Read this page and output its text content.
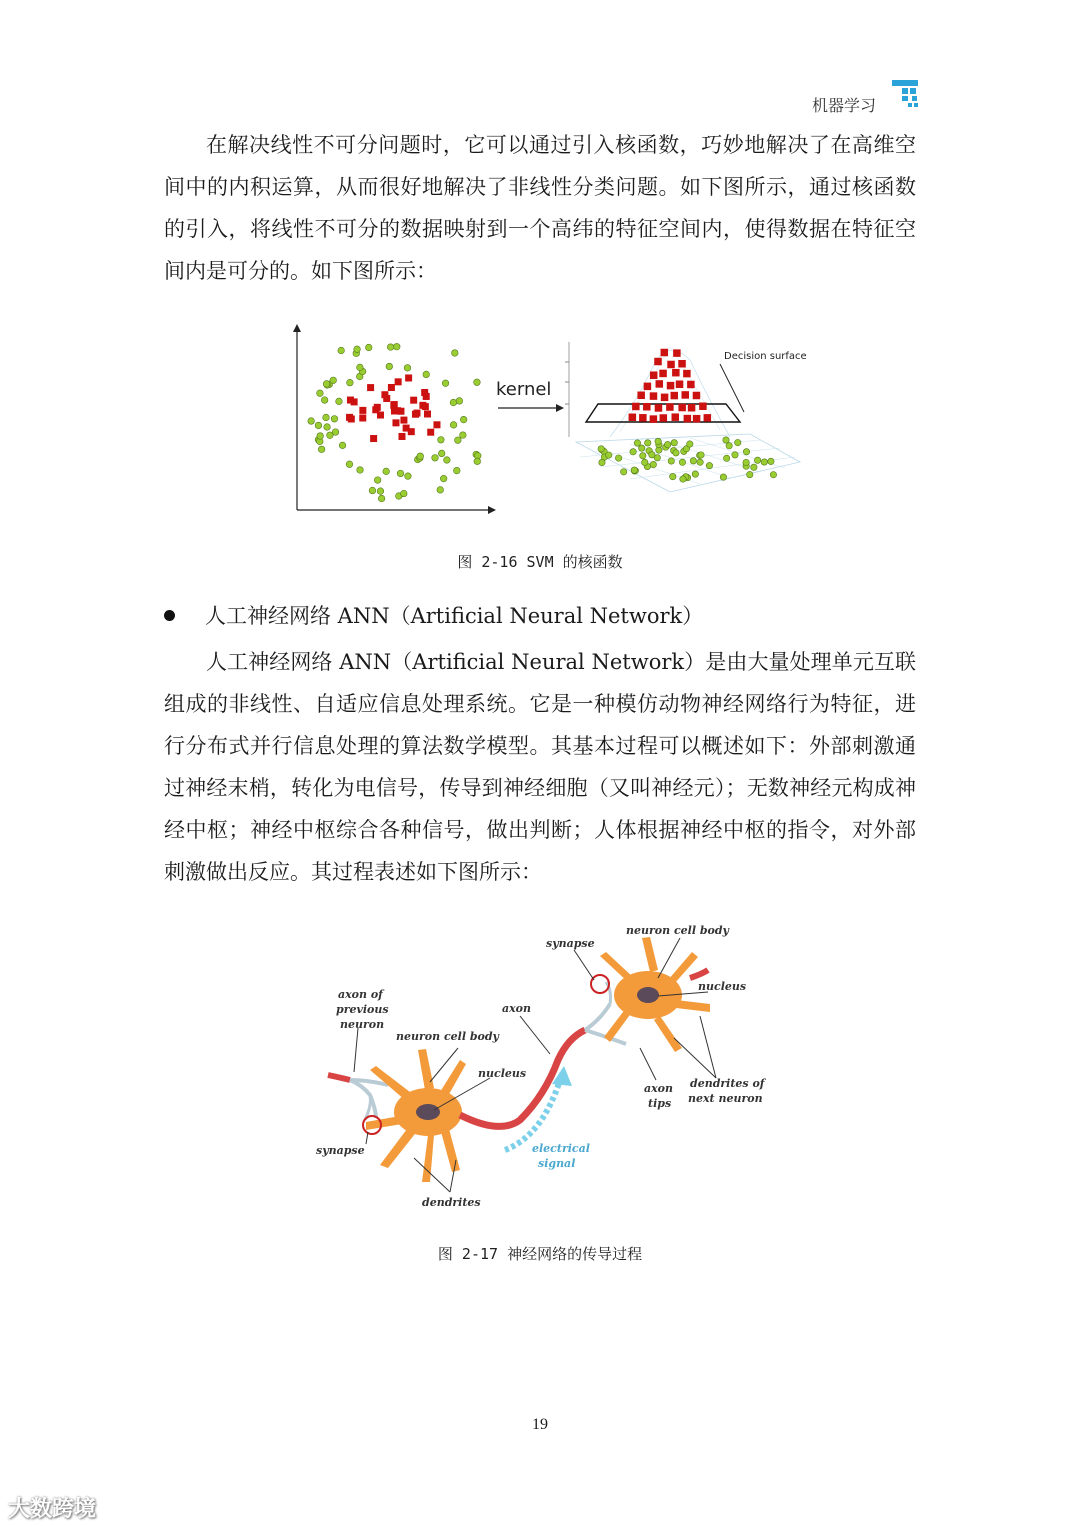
机器学习

在解决线性不可分问题时，它可以通过引入核函数，巧妙地解决了在高维空间中的内积运算，从而很好地解决了非线性分类问题。如下图所示，通过核函数的引入，将线性不可分的数据映射到一个高纬的特征空间内，使得数据在特征空间内是可分的。如下图所示：

kernel
Decision surface
图 2-16 SVM 的核函数
人工神经网络 ANN（Artificial Neural Network）

人工神经网络 ANN（Artificial Neural Network）是由大量处理单元互联组成的非线性、自适应信息处理系统。它是一种模仿动物神经网络行为特征，进行分布式并行信息处理的算法数学模型。其基本过程可以概述如下：外部刺激通过神经末梢，转化为电信号，传导到神经细胞（又叫神经元）；无数神经元构成神经中枢；神经中枢综合各种信号，做出判断；人体根据神经中枢的指令，对外部刺激做出反应。其过程表述如下图所示：

axon of
previous
neuron
neuron cell body
nucleus
synapse
dendrites
axon
synapse
neuron cell body
nucleus
axon
tips
dendrites of
next neuron
electrical
signal
图 2-17 神经网络的传导过程
19
大数跨境
